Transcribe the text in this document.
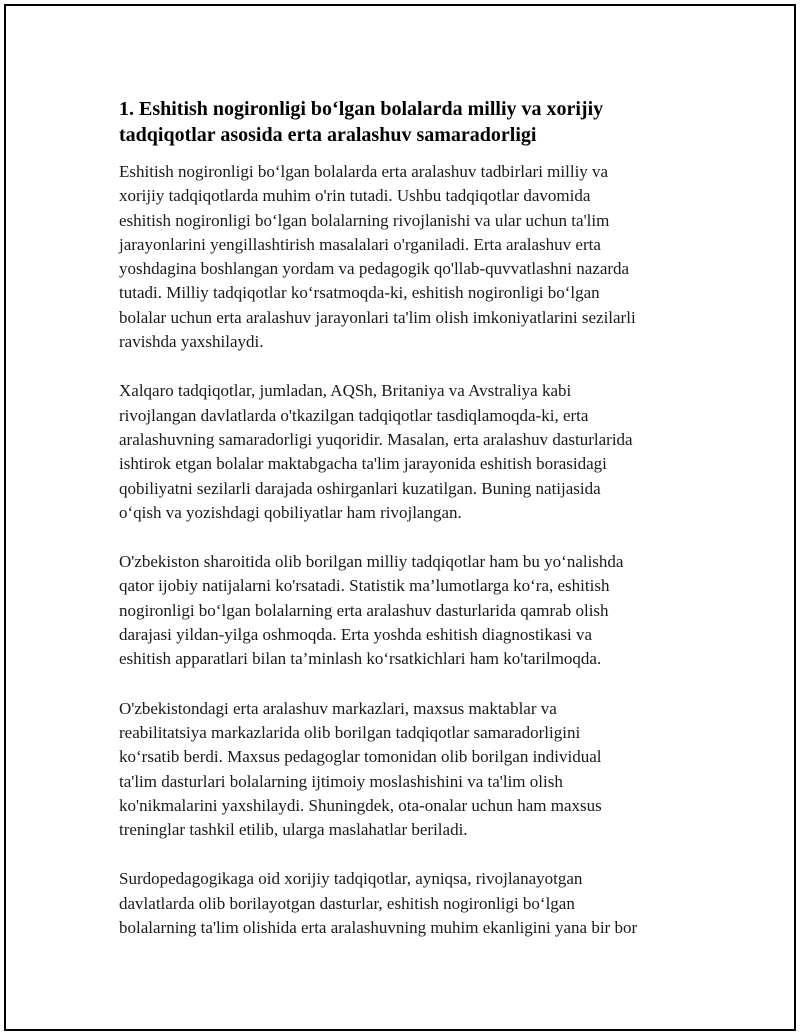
1. Eshitish nogironligi bo‘lgan bolalarda milliy va xorijiy
tadqiqotlar asosida erta aralashuv samaradorligi

Eshitish nogironligi bo‘lgan bolalarda erta aralashuv tadbirlari milliy va
xorijiy tadqiqotlarda muhim o'rin tutadi. Ushbu tadqiqotlar davomida
eshitish nogironligi bo‘lgan bolalarning rivojlanishi va ular uchun ta'lim
jarayonlarini yengillashtirish masalalari o'rganiladi. Erta aralashuv erta
yoshdagina boshlangan yordam va pedagogik qo'llab-quvvatlashni nazarda
tutadi. Milliy tadqiqotlar ko‘rsatmoqda-ki, eshitish nogironligi bo‘lgan
bolalar uchun erta aralashuv jarayonlari ta'lim olish imkoniyatlarini sezilarli
ravishda yaxshilaydi.

Xalqaro tadqiqotlar, jumladan, AQSh, Britaniya va Avstraliya kabi
rivojlangan davlatlarda o'tkazilgan tadqiqotlar tasdiqlamoqda-ki, erta
aralashuvning samaradorligi yuqoridir. Masalan, erta aralashuv dasturlarida
ishtirok etgan bolalar maktabgacha ta'lim jarayonida eshitish borasidagi
qobiliyatni sezilarli darajada oshirganlari kuzatilgan. Buning natijasida
o‘qish va yozishdagi qobiliyatlar ham rivojlangan.

O'zbekiston sharoitida olib borilgan milliy tadqiqotlar ham bu yo‘nalishda
qator ijobiy natijalarni ko'rsatadi. Statistik ma’lumotlarga ko‘ra, eshitish
nogironligi bo‘lgan bolalarning erta aralashuv dasturlarida qamrab olish
darajasi yildan-yilga oshmoqda. Erta yoshda eshitish diagnostikasi va
eshitish apparatlari bilan ta’minlash ko‘rsatkichlari ham ko'tarilmoqda.

O'zbekistondagi erta aralashuv markazlari, maxsus maktablar va
reabilitatsiya markazlarida olib borilgan tadqiqotlar samaradorligini
ko‘rsatib berdi. Maxsus pedagoglar tomonidan olib borilgan individual
ta'lim dasturlari bolalarning ijtimoiy moslashishini va ta'lim olish
ko'nikmalarini yaxshilaydi. Shuningdek, ota-onalar uchun ham maxsus
treninglar tashkil etilib, ularga maslahatlar beriladi.

Surdopedagogikaga oid xorijiy tadqiqotlar, ayniqsa, rivojlanayotgan
davlatlarda olib borilayotgan dasturlar, eshitish nogironligi bo‘lgan
bolalarning ta'lim olishida erta aralashuvning muhim ekanligini yana bir bor
